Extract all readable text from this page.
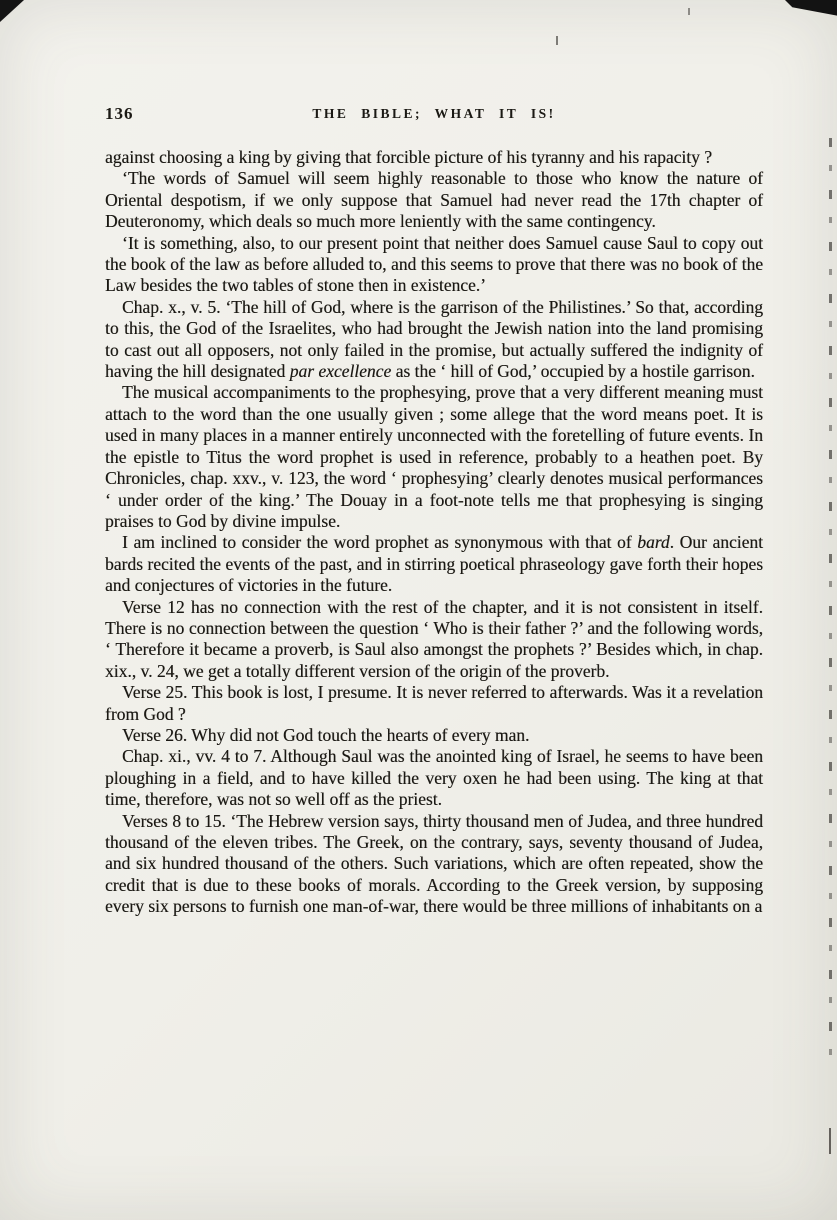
136	THE BIBLE; WHAT IT IS!

against choosing a king by giving that forcible picture of his tyranny and his rapacity ?

‘The words of Samuel will seem highly reasonable to those who know the nature of Oriental despotism, if we only suppose that Samuel had never read the 17th chapter of Deuteronomy, which deals so much more leniently with the same contingency.

‘It is something, also, to our present point that neither does Samuel cause Saul to copy out the book of the law as before alluded to, and this seems to prove that there was no book of the Law besides the two tables of stone then in existence.’

Chap. x., v. 5. ‘The hill of God, where is the garrison of the Philistines.’ So that, according to this, the God of the Israelites, who had brought the Jewish nation into the land promising to cast out all opposers, not only failed in the promise, but actually suffered the indignity of having the hill designated par excellence as the ‘ hill of God,’ occupied by a hostile garrison.

The musical accompaniments to the prophesying, prove that a very different meaning must attach to the word than the one usually given ; some allege that the word means poet. It is used in many places in a manner entirely unconnected with the foretelling of future events. In the epistle to Titus the word prophet is used in reference, probably to a heathen poet. By Chronicles, chap. xxv., v. 123, the word ‘ prophesying’ clearly denotes musical performances ‘ under order of the king.’ The Douay in a foot-note tells me that prophesying is singing praises to God by divine impulse.

I am inclined to consider the word prophet as synonymous with that of bard. Our ancient bards recited the events of the past, and in stirring poetical phraseology gave forth their hopes and conjectures of victories in the future.

Verse 12 has no connection with the rest of the chapter, and it is not consistent in itself. There is no connection between the question ‘ Who is their father ?’ and the following words, ‘ Therefore it became a proverb, is Saul also amongst the prophets ?’ Besides which, in chap. xix., v. 24, we get a totally different version of the origin of the proverb.

Verse 25. This book is lost, I presume. It is never referred to afterwards. Was it a revelation from God ?

Verse 26. Why did not God touch the hearts of every man.

Chap. xi., vv. 4 to 7. Although Saul was the anointed king of Israel, he seems to have been ploughing in a field, and to have killed the very oxen he had been using. The king at that time, therefore, was not so well off as the priest.

Verses 8 to 15. ‘The Hebrew version says, thirty thousand men of Judea, and three hundred thousand of the eleven tribes. The Greek, on the contrary, says, seventy thousand of Judea, and six hundred thousand of the others. Such variations, which are often repeated, show the credit that is due to these books of morals. According to the Greek version, by supposing every six persons to furnish one man-of-war, there would be three millions of inhabitants on a
